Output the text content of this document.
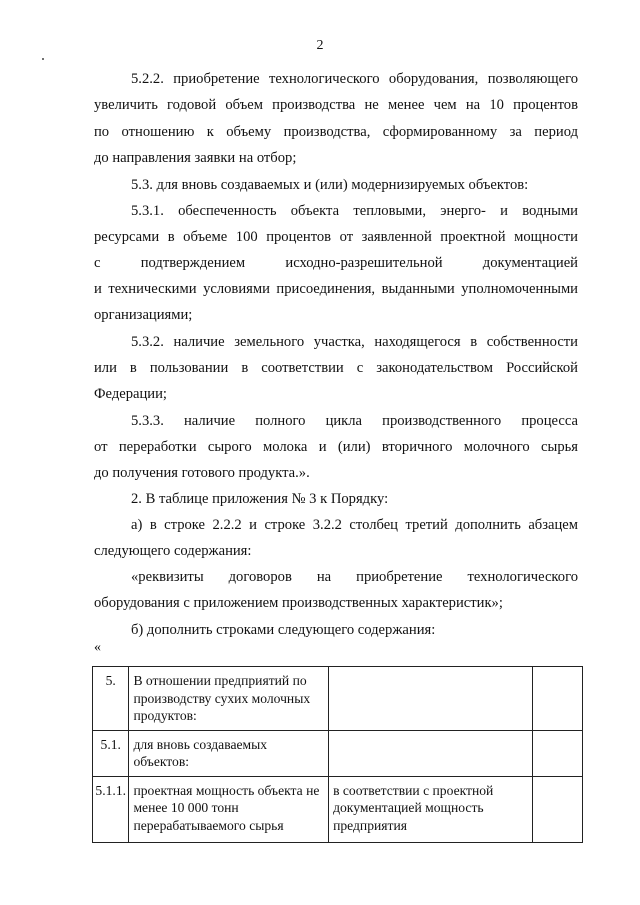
2
5.2.2. приобретение технологического оборудования, позволяющего
увеличить годовой объем производства не менее чем на 10 процентов
по отношению к объему производства, сформированному за период
до направления заявки на отбор;
5.3. для вновь создаваемых и (или) модернизируемых объектов:
5.3.1. обеспеченность объекта тепловыми, энерго- и водными
ресурсами в объеме 100 процентов от заявленной проектной мощности
с подтверждением исходно-разрешительной документацией
и техническими условиями присоединения, выданными уполномоченными
организациями;
5.3.2. наличие земельного участка, находящегося в собственности
или в пользовании в соответствии с законодательством Российской
Федерации;
5.3.3. наличие полного цикла производственного процесса
от переработки сырого молока и (или) вторичного молочного сырья
до получения готового продукта.».
2. В таблице приложения № 3 к Порядку:
а) в строке 2.2.2 и строке 3.2.2 столбец третий дополнить абзацем
следующего содержания:
«реквизиты договоров на приобретение технологического
оборудования с приложением производственных характеристик»;
б) дополнить строками следующего содержания:
«
5.	В отношении предприятий по производству сухих молочных продуктов:		
5.1.	для вновь создаваемых объектов:		
5.1.1.	проектная мощность объекта не менее 10 000 тонн перерабатываемого сырья	в соответствии с проектной документацией мощность предприятия	
